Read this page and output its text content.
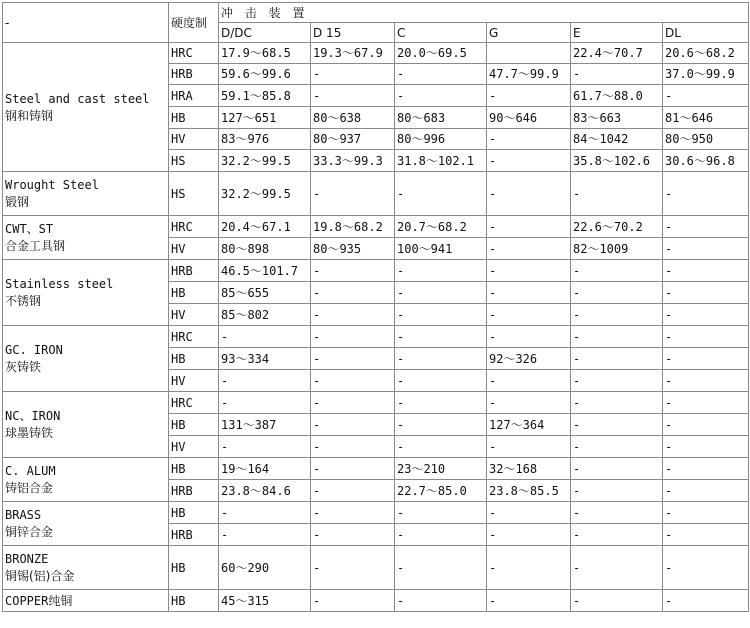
-	硬度制	冲 击 装 置					
		D/DC	D 15	C	G	E	DL

Steel and cast steel
钢和铸钢	HRC	17.9～68.5	19.3～67.9	20.0～69.5		22.4～70.7	20.6～68.2
	HRB	59.6～99.6	-	-	47.7～99.9	-	37.0～99.9
	HRA	59.1～85.8	-	-	-	61.7～88.0	-
	HB	127～651	80～638	80～683	90～646	83～663	81～646
	HV	83～976	80～937	80～996	-	84～1042	80～950
	HS	32.2～99.5	33.3～99.3	31.8～102.1	-	35.8～102.6	30.6～96.8

Wrought Steel
锻钢	HS	32.2～99.5	-	-	-	-	-

CWT、ST
合金工具钢	HRC	20.4～67.1	19.8～68.2	20.7～68.2	-	22.6～70.2	-
	HV	80～898	80～935	100～941	-	82～1009	-

Stainless steel
不锈钢	HRB	46.5～101.7	-	-	-	-	-
	HB	85～655	-	-	-	-	-
	HV	85～802	-	-	-	-	-

GC. IRON
灰铸铁	HRC	-	-	-	-	-	-
	HB	93～334	-	-	92～326	-	-
	HV	-	-	-	-	-	-

NC、IRON
球墨铸铁	HRC	-	-	-	-	-	-
	HB	131～387	-	-	127～364	-	-
	HV	-	-	-	-	-	-

C. ALUM
铸铝合金	HB	19～164	-	23～210	32～168	-	-
	HRB	23.8～84.6	-	22.7～85.0	23.8～85.5	-	-

BRASS
铜锌合金	HB	-	-	-	-	-	-
	HRB	-	-	-	-	-	-

BRONZE
铜锡(铝)合金	HB	60～290	-	-	-	-	-
COPPER纯铜	HB	45～315	-	-	-	-	-
